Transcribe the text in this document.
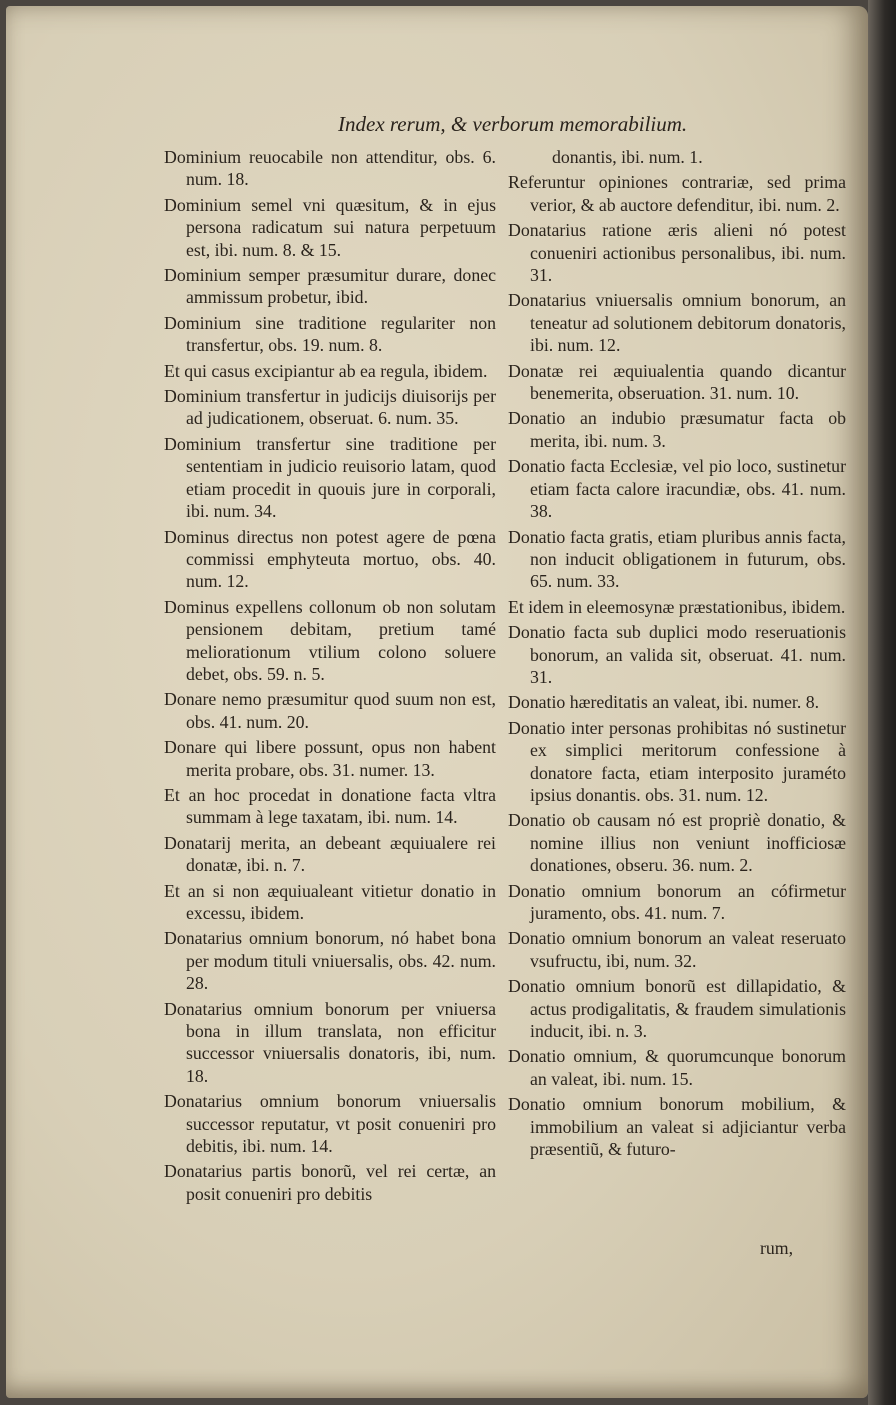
Index rerum, & verborum memorabilium.

Dominium reuocabile non attenditur, obs. 6. num. 18.

Dominium semel vni quæsitum, & in ejus persona radicatum sui natura perpetuum est, ibi. num. 8. & 15.

Dominium semper præsumitur durare, donec ammissum probetur, ibid.

Dominium sine traditione regulariter non transfertur, obs. 19. num. 8.

Et qui casus excipiantur ab ea regula, ibidem.

Dominium transfertur in judicijs diuisorijs per ad judicationem, obseruat. 6. num. 35.

Dominium transfertur sine traditione per sententiam in judicio reuisorio latam, quod etiam procedit in quouis jure in corporali, ibi. num. 34.

Dominus directus non potest agere de pœna commissi emphyteuta mortuo, obs. 40. num. 12.

Dominus expellens collonum ob non solutam pensionem debitam, pretium tamé meliorationum vtilium colono soluere debet, obs. 59. n. 5.

Donare nemo præsumitur quod suum non est, obs. 41. num. 20.

Donare qui libere possunt, opus non habent merita probare, obs. 31. numer. 13.

Et an hoc procedat in donatione facta vltra summam à lege taxatam, ibi. num. 14.

Donatarij merita, an debeant æquiualere rei donatæ, ibi. n. 7.

Et an si non æquiualeant vitietur donatio in excessu, ibidem.

Donatarius omnium bonorum, nó habet bona per modum tituli vniuersalis, obs. 42. num. 28.

Donatarius omnium bonorum per vniuersa bona in illum translata, non efficitur successor vniuersalis donatoris, ibi, num. 18.

Donatarius omnium bonorum vniuersalis successor reputatur, vt posit conueniri pro debitis, ibi. num. 14.

Donatarius partis bonorũ, vel rei certæ, an posit conueniri pro debitis

donantis, ibi. num. 1.

Referuntur opiniones contrariæ, sed prima verior, & ab auctore defenditur, ibi. num. 2.

Donatarius ratione æris alieni nó potest conueniri actionibus personalibus, ibi. num. 31.

Donatarius vniuersalis omnium bonorum, an teneatur ad solutionem debitorum donatoris, ibi. num. 12.

Donatæ rei æquiualentia quando dicantur benemerita, obseruation. 31. num. 10.

Donatio an indubio præsumatur facta ob merita, ibi. num. 3.

Donatio facta Ecclesiæ, vel pio loco, sustinetur etiam facta calore iracundiæ, obs. 41. num. 38.

Donatio facta gratis, etiam pluribus annis facta, non inducit obligationem in futurum, obs. 65. num. 33.

Et idem in eleemosynæ præstationibus, ibidem.

Donatio facta sub duplici modo reseruationis bonorum, an valida sit, obseruat. 41. num. 31.

Donatio hæreditatis an valeat, ibi. numer. 8.

Donatio inter personas prohibitas nó sustinetur ex simplici meritorum confessione à donatore facta, etiam interposito juraméto ipsius donantis. obs. 31. num. 12.

Donatio ob causam nó est propriè donatio, & nomine illius non veniunt inofficiosæ donationes, obseru. 36. num. 2.

Donatio omnium bonorum an cófirmetur juramento, obs. 41. num. 7.

Donatio omnium bonorum an valeat reseruato vsufructu, ibi, num. 32.

Donatio omnium bonorũ est dillapidatio, & actus prodigalitatis, & fraudem simulationis inducit, ibi. n. 3.

Donatio omnium, & quorumcunque bonorum an valeat, ibi. num. 15.

Donatio omnium bonorum mobilium, & immobilium an valeat si adjiciantur verba præsentiũ, & futuro-

rum,
